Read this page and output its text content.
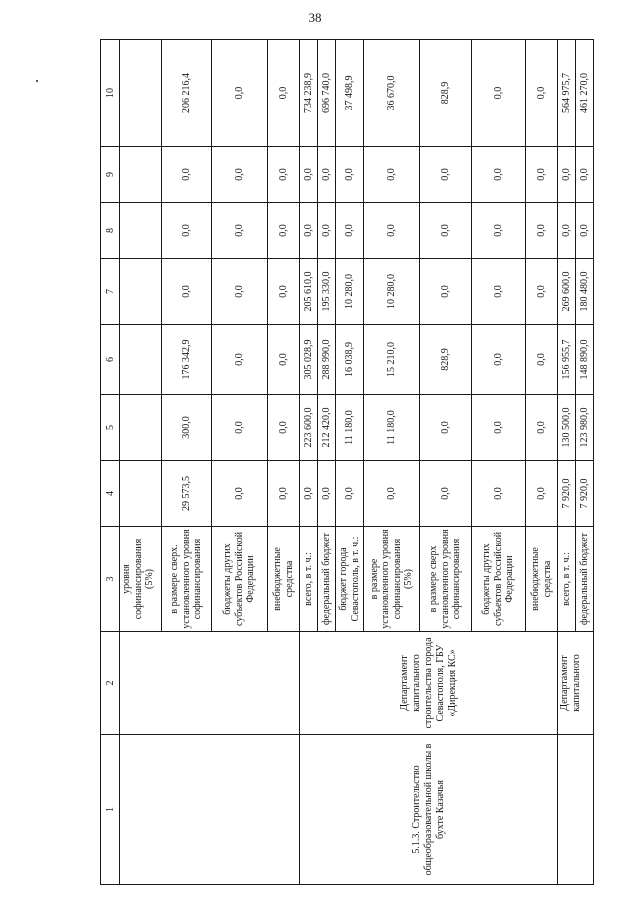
38
1	2	3	4	5	6	7	8	9	10
		уровня софинансирования (5%)							
		в размере сверх. установленного уровня софинансирования	29 573,5	300,0	176 342,9	0,0	0,0	0,0	206 216,4
		бюджеты других субъектов Российской Федерации	0,0	0,0	0,0	0,0	0,0	0,0	0,0
		внебюджетные средства	0,0	0,0	0,0	0,0	0,0	0,0	0,0
5.1.3. Строительство общеобразовательной школы в бухте Казачья	Департамент капитального строительства города Севастополя, ГБУ «Дирекция КС»	всего, в т. ч.:	0,0	223 600,0	305 028,9	205 610,0	0,0	0,0	734 238,9
		федеральный бюджет	0,0	212 420,0	288 990,0	195 330,0	0,0	0,0	696 740,0
		бюджет города Севастополь, в т. ч.:	0,0	11 180,0	16 038,9	10 280,0	0,0	0,0	37 498,9
		в размере установленного уровня софинансирования (5%)	0,0	11 180,0	15 210,0	10 280,0	0,0	0,0	36 670,0
		в размере сверх установленного уровня софинансирования	0,0	0,0	828,9	0,0	0,0	0,0	828,9
		бюджеты других субъектов Российской Федерации	0,0	0,0	0,0	0,0	0,0	0,0	0,0
		внебюджетные средства	0,0	0,0	0,0	0,0	0,0	0,0	0,0
	Департамент капитального	всего, в т. ч.:	7 920,0	130 500,0	156 955,7	269 600,0	0,0	0,0	564 975,7
		федеральный бюджет	7 920,0	123 980,0	148 890,0	180 480,0	0,0	0,0	461 270,0
